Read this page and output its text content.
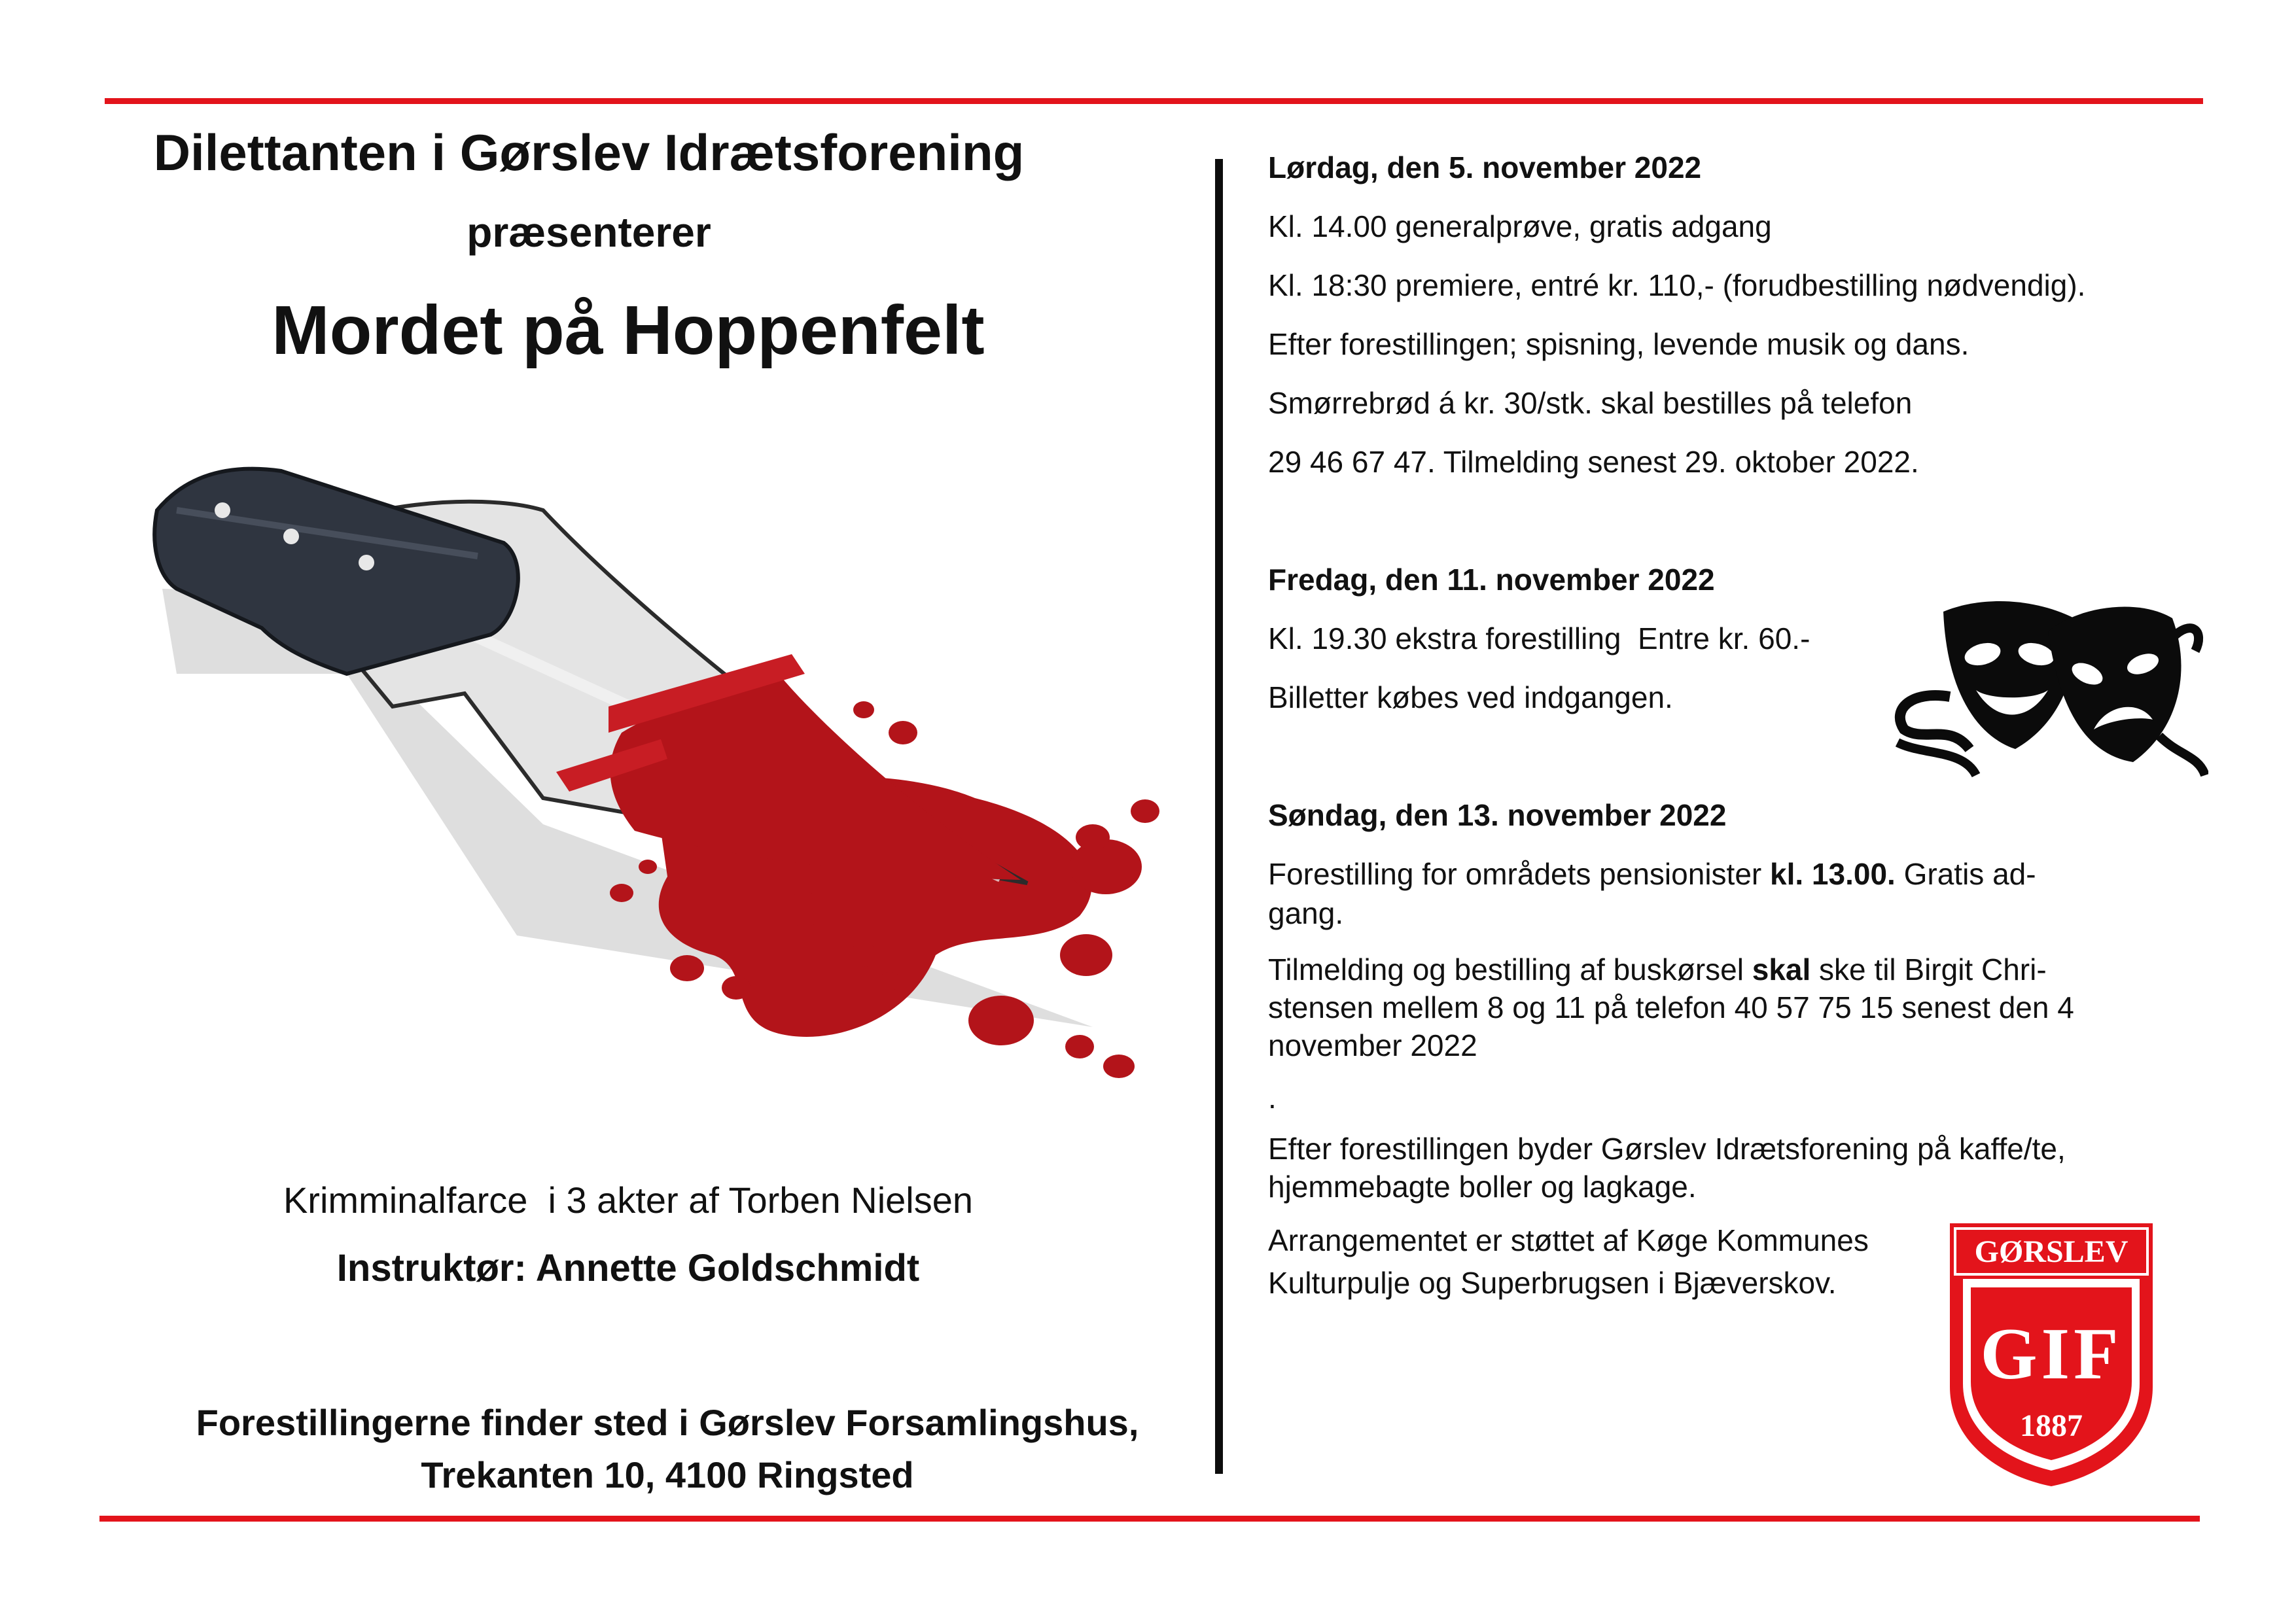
Dilettanten i Gørslev Idrætsforening
præsenterer
Mordet på Hoppenfelt
Krimminalfarce  i 3 akter af Torben Nielsen
Instruktør: Annette Goldschmidt
Forestillingerne finder sted i Gørslev Forsamlingshus,
Trekanten 10, 4100 Ringsted

Lørdag, den 5. november 2022

Kl. 14.00 generalprøve, gratis adgang

Kl. 18:30 premiere, entré kr. 110,- (forudbestilling nødvendig).

Efter forestillingen; spisning, levende musik og dans.

Smørrebrød á kr. 30/stk. skal bestilles på telefon

29 46 67 47. Tilmelding senest 29. oktober 2022.

Fredag, den 11. november 2022

Kl. 19.30 ekstra forestilling  Entre kr. 60.-

Billetter købes ved indgangen.

Søndag, den 13. november 2022

Forestilling for områdets pensionister kl. 13.00. Gratis ad-

gang.

Tilmelding og bestilling af buskørsel skal ske til Birgit Chri-

stensen mellem 8 og 11 på telefon 40 57 75 15 senest den 4

november 2022

.

Efter forestillingen byder Gørslev Idrætsforening på kaffe/te,

hjemmebagte boller og lagkage.

Arrangementet er støttet af Køge Kommunes

Kulturpulje og Superbrugsen i Bjæverskov.

GØRSLEV
GIF
1887
